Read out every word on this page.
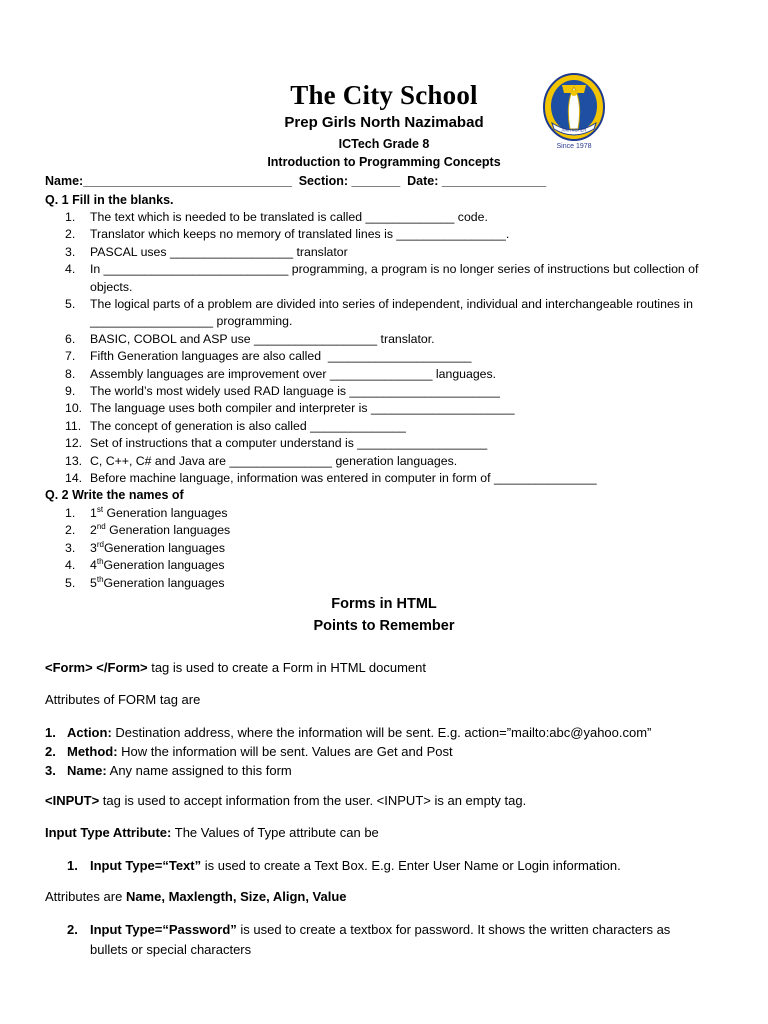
The City School
AIM HIGHER
Since 1978
Prep Girls North Nazimabad
ICTech Grade 8
Introduction to Programming Concepts
Name:______________________________  Section: _______  Date: _______________
Q. 1 Fill in the blanks.
1.	The text which is needed to be translated is called _____________ code.
2.	Translator which keeps no memory of translated lines is ________________.
3.	PASCAL uses __________________ translator
4.	In ___________________________ programming, a program is no longer series of instructions but collection of objects.
5.	The logical parts of a problem are divided into series of independent, individual and interchangeable routines in __________________ programming.
6.	BASIC, COBOL and ASP use __________________ translator.
7.	Fifth Generation languages are also called  _____________________
8.	Assembly languages are improvement over _______________ languages.
9.	The world’s most widely used RAD language is ______________________
10. The language uses both compiler and interpreter is _____________________
11. The concept of generation is also called ______________
12. Set of instructions that a computer understand is ___________________
13. C, C++, C# and Java are _______________ generation languages.
14. Before machine language, information was entered in computer in form of _______________
Q. 2 Write the names of
1.	1st Generation languages
2.	2nd Generation languages
3.	3rdGeneration languages
4.	4thGeneration languages
5.	5thGeneration languages
Forms in HTML
Points to Remember
<Form> </Form> tag is used to create a Form in HTML document
Attributes of FORM tag are
1. Action: Destination address, where the information will be sent. E.g. action=”mailto:abc@yahoo.com”
2. Method: How the information will be sent. Values are Get and Post
3. Name: Any name assigned to this form
<INPUT> tag is used to accept information from the user. <INPUT> is an empty tag.
Input Type Attribute: The Values of Type attribute can be
1. Input Type=“Text” is used to create a Text Box. E.g. Enter User Name or Login information.
Attributes are Name, Maxlength, Size, Align, Value
2. Input Type=“Password” is used to create a textbox for password. It shows the written characters as bullets or special characters
